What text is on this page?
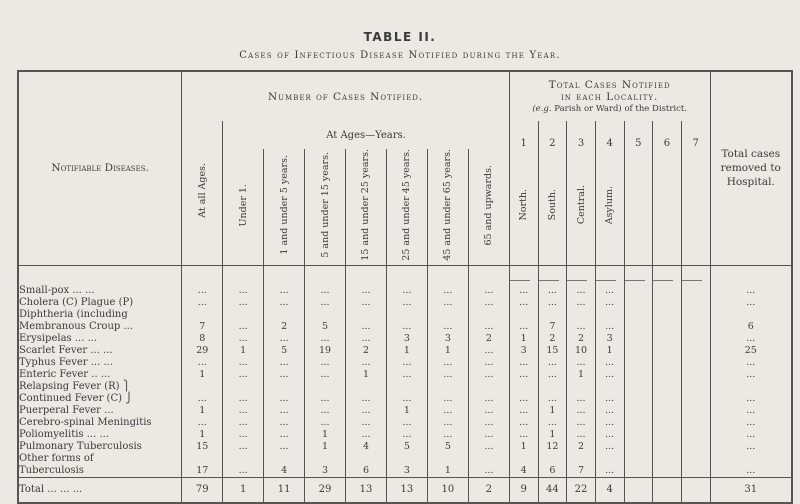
TABLE II.
Cases of Infectious Disease Notified during the Year.
Notifiable Diseases.	Number of Cases Notified.								Total Cases Notified
in each Locality.
(e.g. Parish or Ward) of the District.							Total cases removed to Hospital.
	At all Ages.	At Ages—Years.							1	2	3	4	5	6	7	
		Under 1.	1 and under 5 years.	5 and under 15 years.	15 and under 25 years.	25 and under 45 years.	45 and under 65 years.	65 and upwards.	North.	South.	Central.	Asylum.				

Small-pox ... ...	...	...	...	...	...	...	...	...	...	...	...	...				...
Cholera (C) Plague (P)	...	...	...	...	...	...	...	...	...	...	...	...				...
Diphtheria (including																
Membranous Croup ...	7	...	2	5	...	...	...	...	...	7	...	...				6
Erysipelas ... ...	8	...	...	...	...	3	3	2	1	2	2	3				...
Scarlet Fever ... ...	29	1	5	19	2	1	1	...	3	15	10	1				25
Typhus Fever ... ...	...	...	...	...	...	...	...	...	...	...	...	...				...
Enteric Fever .. ...	1	...	...	...	1	...	...	...	...	...	1	...				...
Relapsing Fever (R) ⎫																
Continued Fever (C) ⎭	...	...	...	...	...	...	...	...	...	...	...	...				...
Puerperal Fever ...	1	...	...	...	...	1	...	...	...	1	...	...				...
Cerebro-spinal Meningitis	...	...	...	...	...	...	...	...	...	...	...	...				...
Poliomyelitis ... ...	1	...	...	1	...	...	...	...	...	1	...	...				...
Pulmonary Tuberculosis	15	...	...	1	4	5	5	...	1	12	2	...				...
Other forms of																
Tuberculosis	17	...	4	3	6	3	1	...	4	6	7	...				...
Total ... ... ...	79	1	11	29	13	13	10	2	9	44	22	4				31
